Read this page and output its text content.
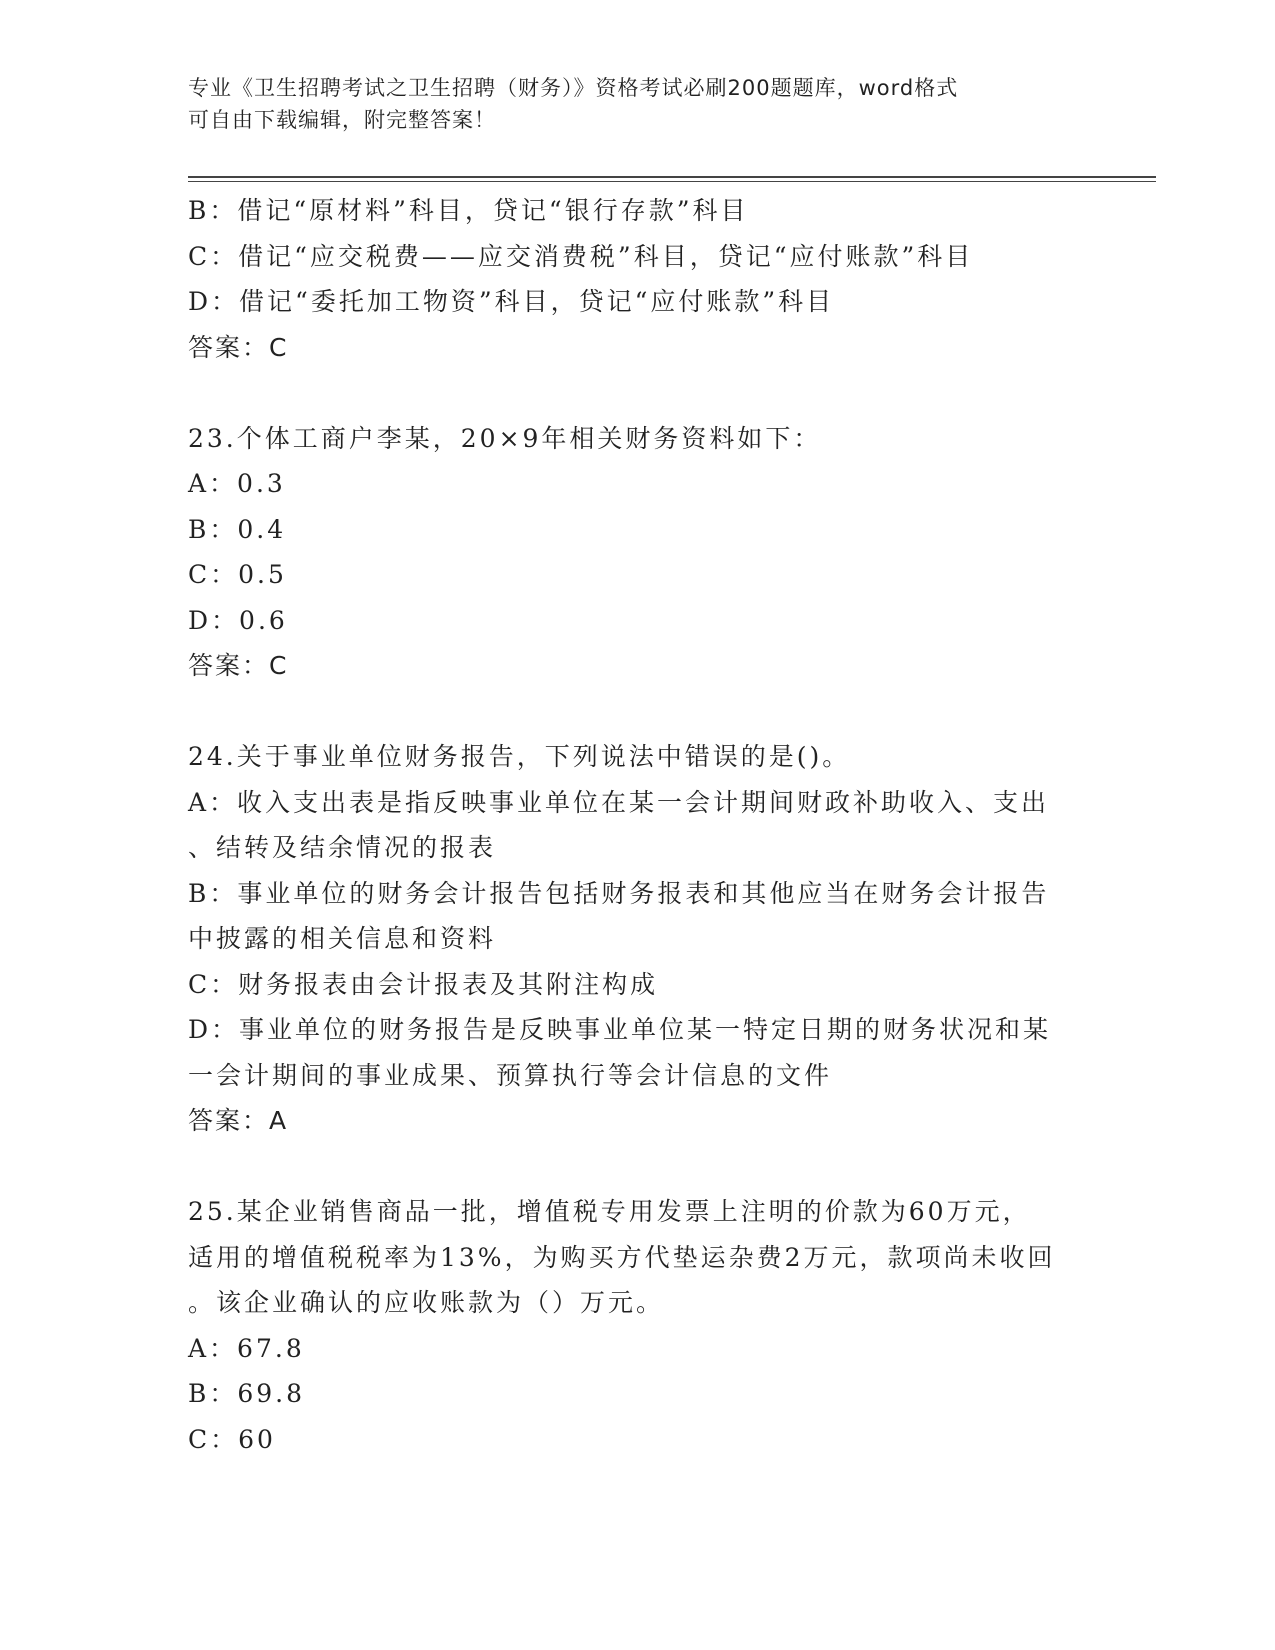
专业《卫生招聘考试之卫生招聘（财务）》资格考试必刷200题题库，word格式
可自由下载编辑，附完整答案！
B：借记“原材料”科目，贷记“银行存款”科目
C：借记“应交税费——应交消费税”科目，贷记“应付账款”科目
D：借记“委托加工物资”科目，贷记“应付账款”科目
答案：C
23.个体工商户李某，20×9年相关财务资料如下：
A：0.3
B：0.4
C：0.5
D：0.6
答案：C
24.关于事业单位财务报告，下列说法中错误的是()。
A：收入支出表是指反映事业单位在某一会计期间财政补助收入、支出
、结转及结余情况的报表
B：事业单位的财务会计报告包括财务报表和其他应当在财务会计报告
中披露的相关信息和资料
C：财务报表由会计报表及其附注构成
D：事业单位的财务报告是反映事业单位某一特定日期的财务状况和某
一会计期间的事业成果、预算执行等会计信息的文件
答案：A
25.某企业销售商品一批，增值税专用发票上注明的价款为60万元，
适用的增值税税率为13%，为购买方代垫运杂费2万元，款项尚未收回
。该企业确认的应收账款为（）万元。
A：67.8
B：69.8
C：60
